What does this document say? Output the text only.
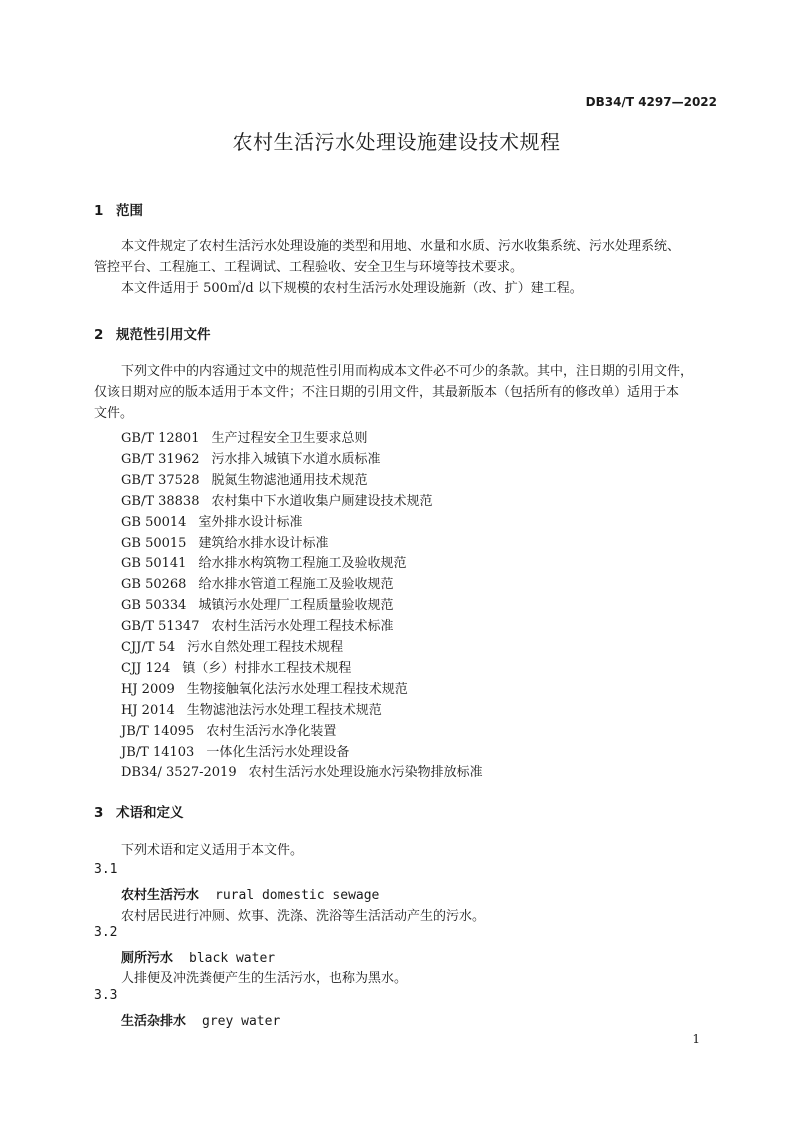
DB34/T 4297—2022
农村生活污水处理设施建设技术规程
1 范围
本文件规定了农村生活污水处理设施的类型和用地、水量和水质、污水收集系统、污水处理系统、
管控平台、工程施工、工程调试、工程验收、安全卫生与环境等技术要求。
本文件适用于 500㎥/d 以下规模的农村生活污水处理设施新（改、扩）建工程。
2 规范性引用文件
下列文件中的内容通过文中的规范性引用而构成本文件必不可少的条款。其中，注日期的引用文件，
仅该日期对应的版本适用于本文件；不注日期的引用文件，其最新版本（包括所有的修改单）适用于本
文件。
GB/T 12801 生产过程安全卫生要求总则
GB/T 31962 污水排入城镇下水道水质标准
GB/T 37528 脱氮生物滤池通用技术规范
GB/T 38838 农村集中下水道收集户厕建设技术规范
GB 50014 室外排水设计标准
GB 50015 建筑给水排水设计标准
GB 50141 给水排水构筑物工程施工及验收规范
GB 50268 给水排水管道工程施工及验收规范
GB 50334 城镇污水处理厂工程质量验收规范
GB/T 51347 农村生活污水处理工程技术标准
CJJ/T 54 污水自然处理工程技术规程
CJJ 124 镇（乡）村排水工程技术规程
HJ 2009 生物接触氧化法污水处理工程技术规范
HJ 2014 生物滤池法污水处理工程技术规范
JB/T 14095 农村生活污水净化装置
JB/T 14103 一体化生活污水处理设备
DB34/ 3527-2019 农村生活污水处理设施水污染物排放标准
3 术语和定义
下列术语和定义适用于本文件。
3.1
农村生活污水 rural domestic sewage
农村居民进行冲厕、炊事、洗涤、洗浴等生活活动产生的污水。
3.2
厕所污水 black water
人排便及冲洗粪便产生的生活污水，也称为黑水。
3.3
生活杂排水 grey water
1
